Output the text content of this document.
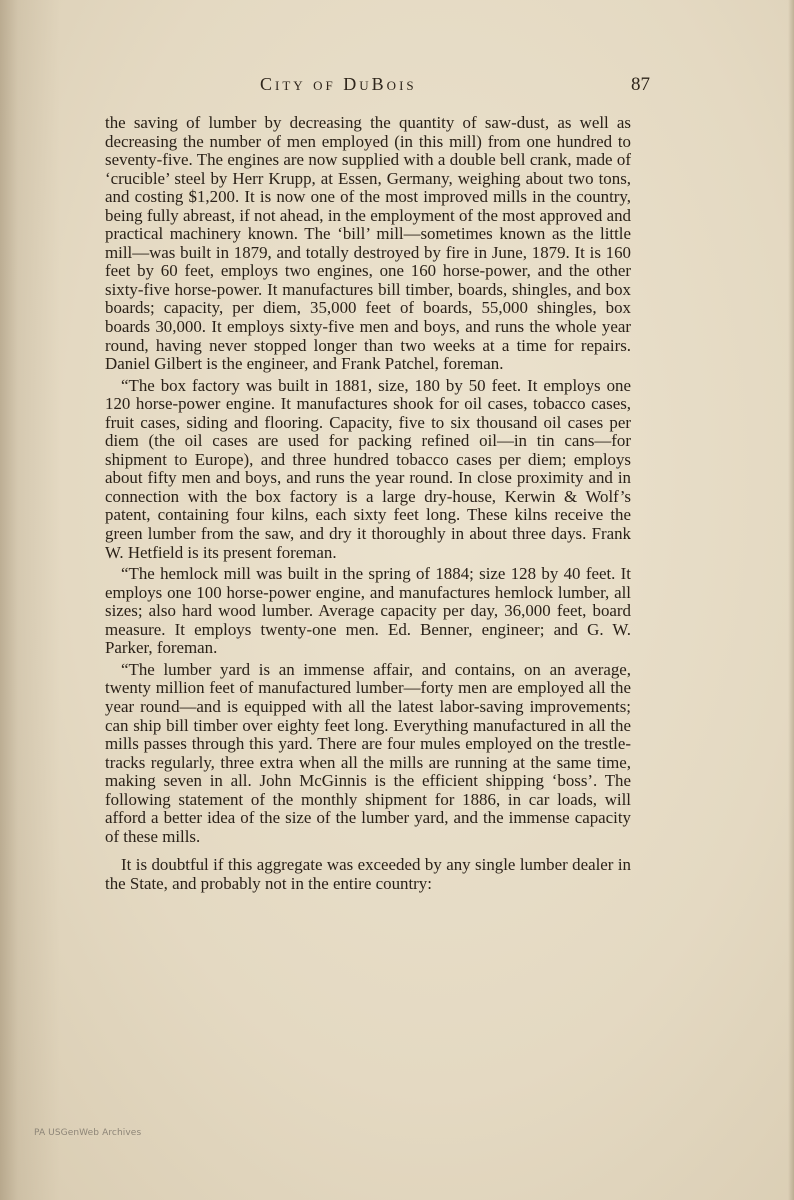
City of DuBois	87

the saving of lumber by decreasing the quantity of saw-dust, as well as decreasing the number of men employed (in this mill) from one hundred to seventy-five. The engines are now supplied with a double bell crank, made of ‘crucible’ steel by Herr Krupp, at Essen, Germany, weighing about two tons, and costing $1,200. It is now one of the most improved mills in the country, being fully abreast, if not ahead, in the employment of the most approved and practical machinery known. The ‘bill’ mill—sometimes known as the little mill—was built in 1879, and totally destroyed by fire in June, 1879. It is 160 feet by 60 feet, employs two engines, one 160 horse-power, and the other sixty-five horse-power. It manufactures bill timber, boards, shingles, and box boards; capacity, per diem, 35,000 feet of boards, 55,000 shingles, box boards 30,000. It employs sixty-five men and boys, and runs the whole year round, having never stopped longer than two weeks at a time for repairs. Daniel Gilbert is the engineer, and Frank Patchel, foreman.

“The box factory was built in 1881, size, 180 by 50 feet. It employs one 120 horse-power engine. It manufactures shook for oil cases, tobacco cases, fruit cases, siding and flooring. Capacity, five to six thousand oil cases per diem (the oil cases are used for packing refined oil—in tin cans—for shipment to Europe), and three hundred tobacco cases per diem; employs about fifty men and boys, and runs the year round. In close proximity and in connection with the box factory is a large dry-house, Kerwin & Wolf’s patent, containing four kilns, each sixty feet long. These kilns receive the green lumber from the saw, and dry it thoroughly in about three days. Frank W. Hetfield is its present foreman.

“The hemlock mill was built in the spring of 1884; size 128 by 40 feet. It employs one 100 horse-power engine, and manufactures hemlock lumber, all sizes; also hard wood lumber. Average capacity per day, 36,000 feet, board measure. It employs twenty-one men. Ed. Benner, engineer; and G. W. Parker, foreman.

“The lumber yard is an immense affair, and contains, on an average, twenty million feet of manufactured lumber—forty men are employed all the year round—and is equipped with all the latest labor-saving improvements; can ship bill timber over eighty feet long. Everything manufactured in all the mills passes through this yard. There are four mules employed on the trestle-tracks regularly, three extra when all the mills are running at the same time, making seven in all. John McGinnis is the efficient shipping ‘boss’. The following statement of the monthly shipment for 1886, in car loads, will afford a better idea of the size of the lumber yard, and the immense capacity of these mills.

It is doubtful if this aggregate was exceeded by any single lumber dealer in the State, and probably not in the entire country:

PA USGenWeb Archives
